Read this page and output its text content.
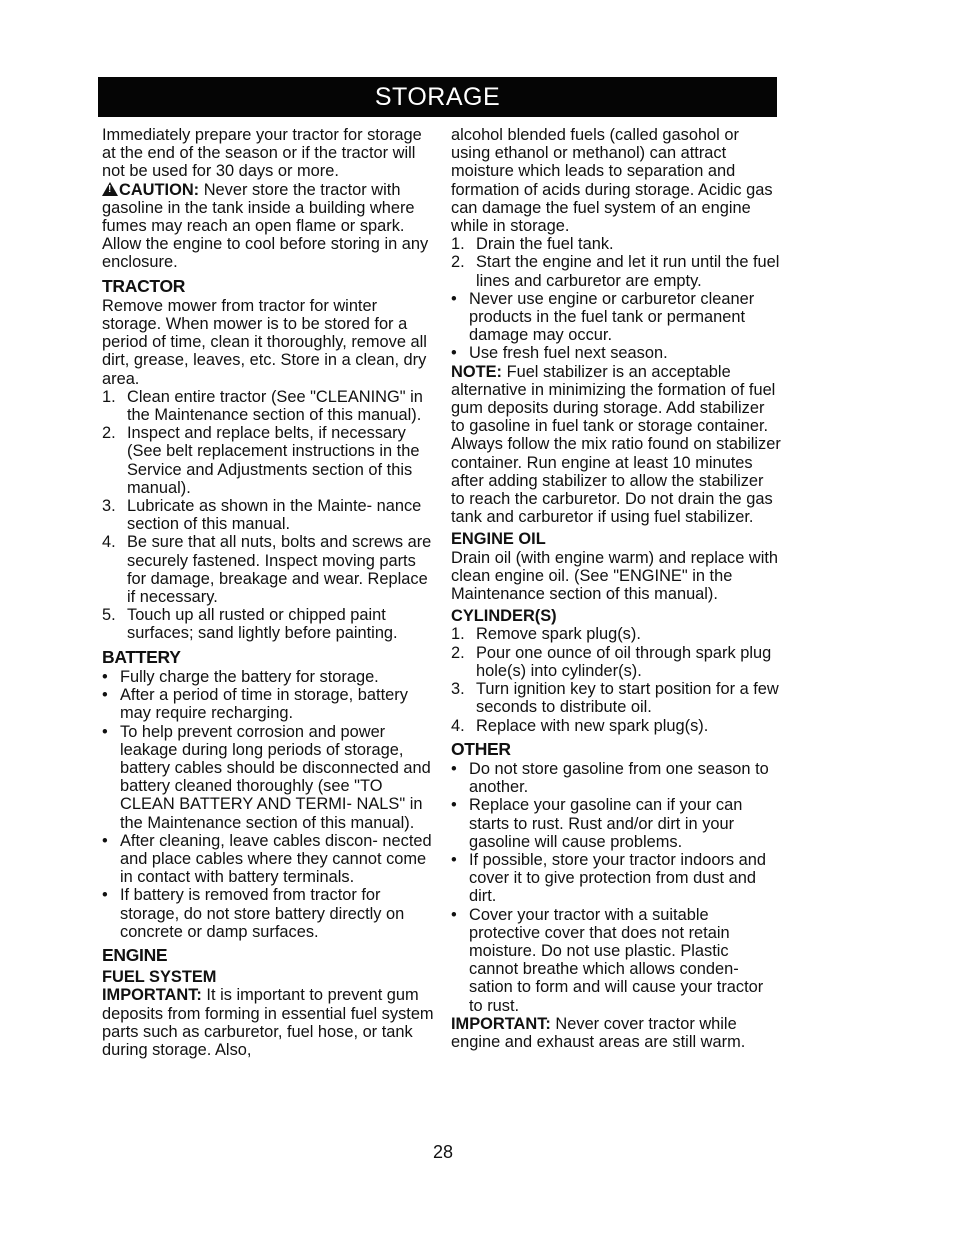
STORAGE

Immediately prepare your tractor for storage at the end of the season or if the tractor will not be used for 30 days or more.

!CAUTION: Never store the tractor with gasoline in the tank inside a building where fumes may reach an open flame or spark. Allow the engine to cool before storing in any enclosure.

TRACTOR

Remove mower from tractor for winter storage. When mower is to be stored for a period of time, clean it thoroughly, remove all dirt, grease, leaves, etc. Store in a clean, dry area.

1. Clean entire tractor (See "CLEANING" in the Maintenance section of this manual).
2. Inspect and replace belts, if necessary (See belt replacement instructions in the Service and Adjustments section of this manual).
3. Lubricate as shown in the Mainte- nance section of this manual.
4. Be sure that all nuts, bolts and screws are securely fastened. Inspect moving parts for damage, breakage and wear. Replace if necessary.
5. Touch up all rusted or chipped paint surfaces; sand lightly before painting.
BATTERY
• Fully charge the battery for storage.
• After a period of time in storage, battery may require recharging.
• To help prevent corrosion and power leakage during long periods of storage, battery cables should be disconnected and battery cleaned thoroughly (see "TO CLEAN BATTERY AND TERMI- NALS" in the Maintenance section of this manual).
• After cleaning, leave cables discon- nected and place cables where they cannot come in contact with battery terminals.
• If battery is removed from tractor for storage, do not store battery directly on concrete or damp surfaces.
ENGINE
FUEL SYSTEM

IMPORTANT: It is important to prevent gum deposits from forming in essential fuel system parts such as carburetor, fuel hose, or tank during storage. Also,

alcohol blended fuels (called gasohol or using ethanol or methanol) can attract moisture which leads to separation and formation of acids during storage. Acidic gas can damage the fuel system of an engine while in storage.

1. Drain the fuel tank.
2. Start the engine and let it run until the fuel lines and carburetor are empty.
• Never use engine or carburetor cleaner products in the fuel tank or permanent damage may occur.
• Use fresh fuel next season.

NOTE: Fuel stabilizer is an acceptable alternative in minimizing the formation of fuel gum deposits during storage. Add stabilizer to gasoline in fuel tank or storage container. Always follow the mix ratio found on stabilizer container. Run engine at least 10 minutes after adding stabilizer to allow the stabilizer to reach the carburetor. Do not drain the gas tank and carburetor if using fuel stabilizer.

ENGINE OIL

Drain oil (with engine warm) and replace with clean engine oil. (See "ENGINE" in the Maintenance section of this manual).

CYLINDER(S)
1. Remove spark plug(s).
2. Pour one ounce of oil through spark plug hole(s) into cylinder(s).
3. Turn ignition key to start position for a few seconds to distribute oil.
4. Replace with new spark plug(s).
OTHER
• Do not store gasoline from one season to another.
• Replace your gasoline can if your can starts to rust. Rust and/or dirt in your gasoline will cause problems.
• If possible, store your tractor indoors and cover it to give protection from dust and dirt.
• Cover your tractor with a suitable protective cover that does not retain moisture. Do not use plastic. Plastic cannot breathe which allows conden- sation to form and will cause your tractor to rust.

IMPORTANT: Never cover tractor while engine and exhaust areas are still warm.

28
